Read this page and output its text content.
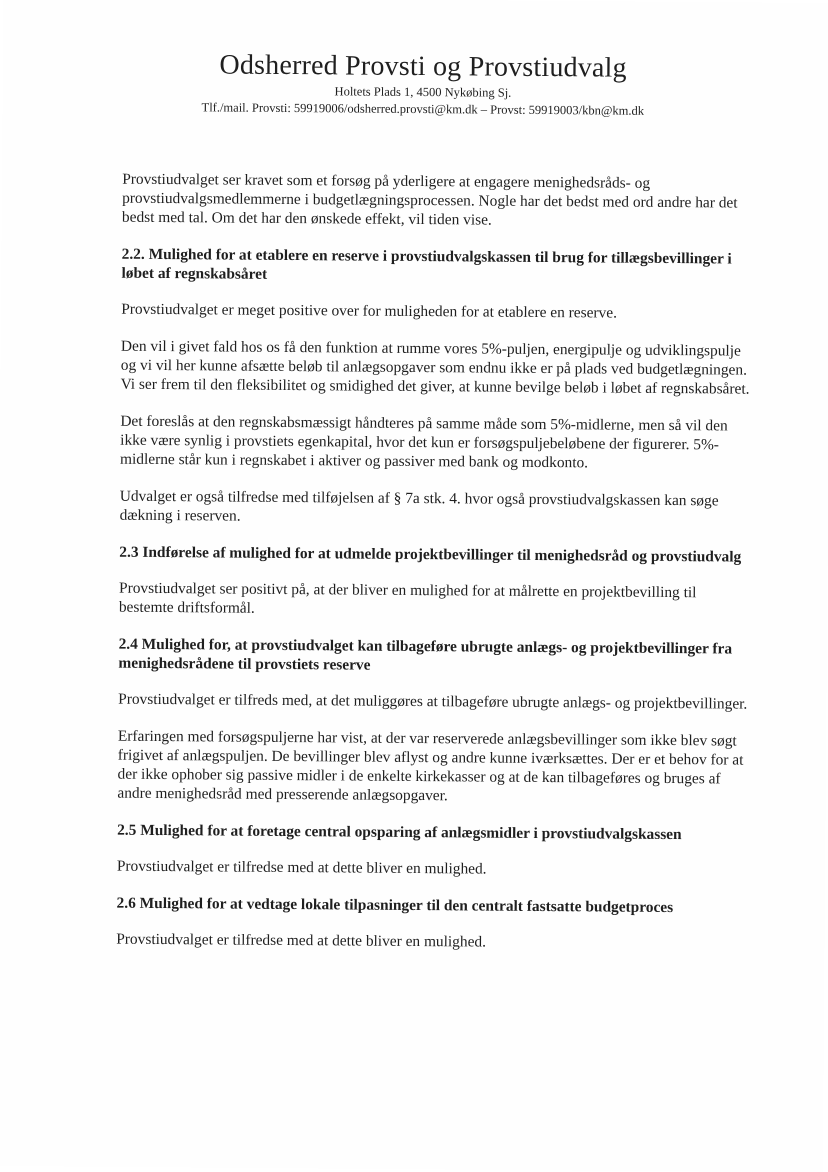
Odsherred Provsti og Provstiudvalg

Holtets Plads 1, 4500 Nykøbing Sj.

Tlf./mail. Provsti: 59919006/odsherred.provsti@km.dk – Provst: 59919003/kbn@km.dk

Provstiudvalget ser kravet som et forsøg på yderligere at engagere menighedsråds- og provstiudvalgsmedlemmerne i budgetlægningsprocessen. Nogle har det bedst med ord andre har det bedst med tal. Om det har den ønskede effekt, vil tiden vise.

2.2. Mulighed for at etablere en reserve i provstiudvalgskassen til brug for tillægsbevillinger i løbet af regnskabsåret

Provstiudvalget er meget positive over for muligheden for at etablere en reserve.

Den vil i givet fald hos os få den funktion at rumme vores 5%-puljen, energipulje og udviklingspulje og vi vil her kunne afsætte beløb til anlægsopgaver som endnu ikke er på plads ved budgetlægningen. Vi ser frem til den fleksibilitet og smidighed det giver, at kunne bevilge beløb i løbet af regnskabsåret.

Det foreslås at den regnskabsmæssigt håndteres på samme måde som 5%-midlerne, men så vil den ikke være synlig i provstiets egenkapital, hvor det kun er forsøgspuljebeløbene der figurerer. 5%-midlerne står kun i regnskabet i aktiver og passiver med bank og modkonto.

Udvalget er også tilfredse med tilføjelsen af § 7a stk. 4. hvor også provstiudvalgskassen kan søge dækning i reserven.

2.3 Indførelse af mulighed for at udmelde projektbevillinger til menighedsråd og provstiudvalg

Provstiudvalget ser positivt på, at der bliver en mulighed for at målrette en projektbevilling til bestemte driftsformål.

2.4 Mulighed for, at provstiudvalget kan tilbageføre ubrugte anlægs- og projektbevillinger fra menighedsrådene til provstiets reserve

Provstiudvalget er tilfreds med, at det muliggøres at tilbageføre ubrugte anlægs- og projektbevillinger.

Erfaringen med forsøgspuljerne har vist, at der var reserverede anlægsbevillinger som ikke blev søgt frigivet af anlægspuljen. De bevillinger blev aflyst og andre kunne iværksættes. Der er et behov for at der ikke ophober sig passive midler i de enkelte kirkekasser og at de kan tilbageføres og bruges af andre menighedsråd med presserende anlægsopgaver.

2.5 Mulighed for at foretage central opsparing af anlægsmidler i provstiudvalgskassen

Provstiudvalget er tilfredse med at dette bliver en mulighed.

2.6 Mulighed for at vedtage lokale tilpasninger til den centralt fastsatte budgetproces

Provstiudvalget er tilfredse med at dette bliver en mulighed.
